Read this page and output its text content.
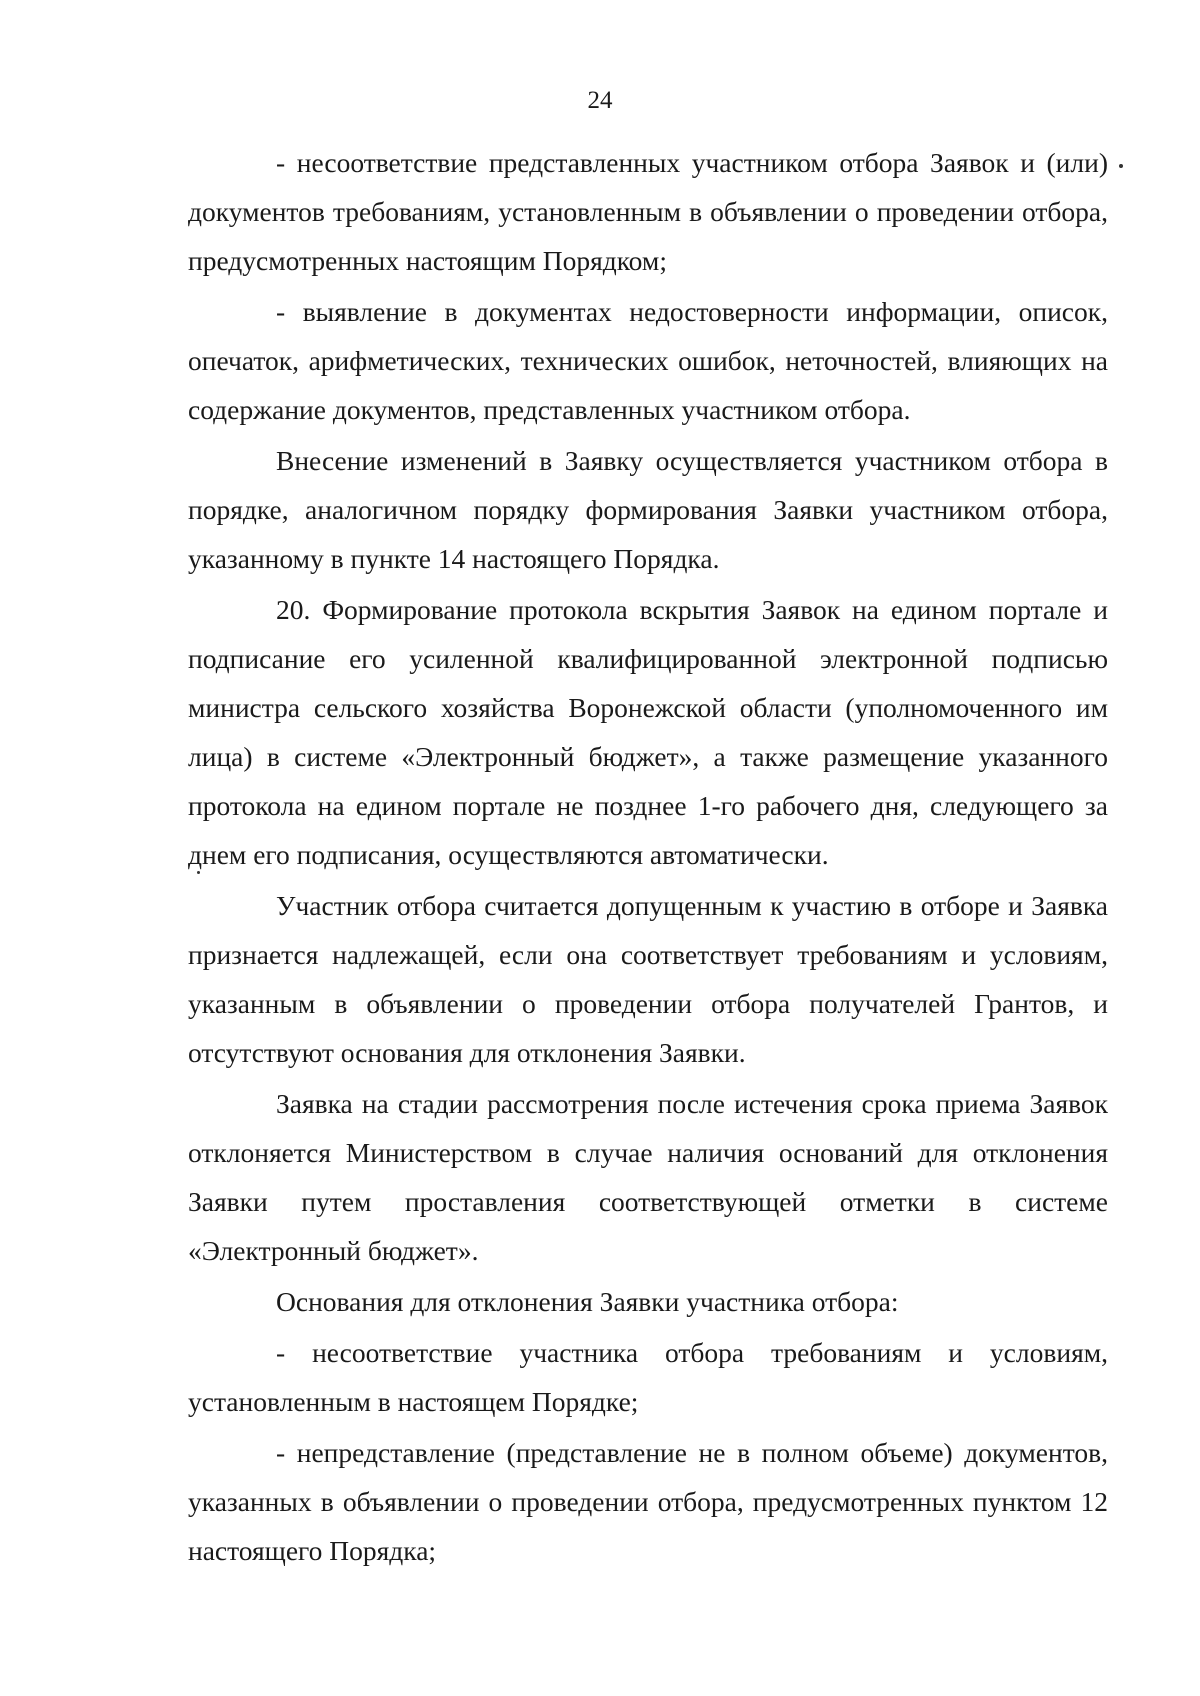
24

- несоответствие представленных участником отбора Заявок и (или) документов требованиям, установленным в объявлении о проведении отбора, предусмотренных настоящим Порядком;

- выявление в документах недостоверности информации, описок, опечаток, арифметических, технических ошибок, неточностей, влияющих на содержание документов, представленных участником отбора.

Внесение изменений в Заявку осуществляется участником отбора в порядке, аналогичном порядку формирования Заявки участником отбора, указанному в пункте 14 настоящего Порядка.

20. Формирование протокола вскрытия Заявок на едином портале и подписание его усиленной квалифицированной электронной подписью министра сельского хозяйства Воронежской области (уполномоченного им лица) в системе «Электронный бюджет», а также размещение указанного протокола на едином портале не позднее 1-го рабочего дня, следующего за днем его подписания, осуществляются автоматически.

Участник отбора считается допущенным к участию в отборе и Заявка признается надлежащей, если она соответствует требованиям и условиям, указанным в объявлении о проведении отбора получателей Грантов, и отсутствуют основания для отклонения Заявки.

Заявка на стадии рассмотрения после истечения срока приема Заявок отклоняется Министерством в случае наличия оснований для отклонения Заявки путем проставления соответствующей отметки в системе «Электронный бюджет».

Основания для отклонения Заявки участника отбора:

- несоответствие участника отбора требованиям и условиям, установленным в настоящем Порядке;

- непредставление (представление не в полном объеме) документов, указанных в объявлении о проведении отбора, предусмотренных пунктом 12 настоящего Порядка;
